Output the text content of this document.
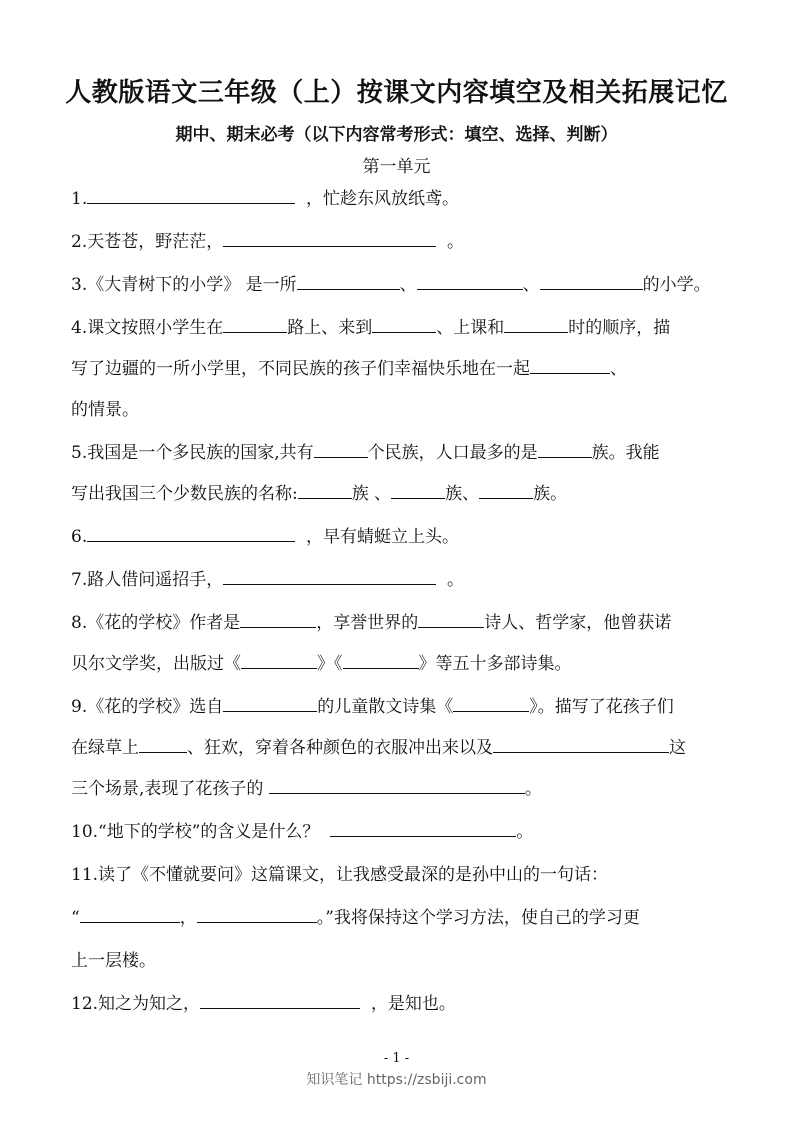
人教版语文三年级（上）按课文内容填空及相关拓展记忆
期中、期末必考（以下内容常考形式：填空、选择、判断）
第一单元
1.	，忙趁东风放纸鸢。
2.天苍苍，野茫茫，	。
3.《大青树下的小学》 是一所	、	、	的小学。
4.课文按照小学生在	路上、来到	、上课和	时的顺序，描
写了边疆的一所小学里，不同民族的孩子们幸福快乐地在一起	、
的情景。
5.我国是一个多民族的国家,共有	个民族，人口最多的是	族。我能
写出我国三个少数民族的名称:	族 、	族、	族。
6.	，早有蜻蜓立上头。
7.路人借问遥招手，	。
8.《花的学校》作者是	，享誉世界的	诗人、哲学家，他曾获诺
贝尔文学奖，出版过《	》《	》等五十多部诗集。
9.《花的学校》选自	的儿童散文诗集《	》。描写了花孩子们
在绿草上	、狂欢，穿着各种颜色的衣服冲出来以及	这
三个场景,表现了花孩子的	。
10.“地下的学校”的含义是什么？	。
11.读了《不懂就要问》这篇课文，让我感受最深的是孙中山的一句话：
“	，	。”我将保持这个学习方法，使自己的学习更
上一层楼。
12.知之为知之，	，是知也。
- 1 -
知识笔记 https://zsbiji.com
